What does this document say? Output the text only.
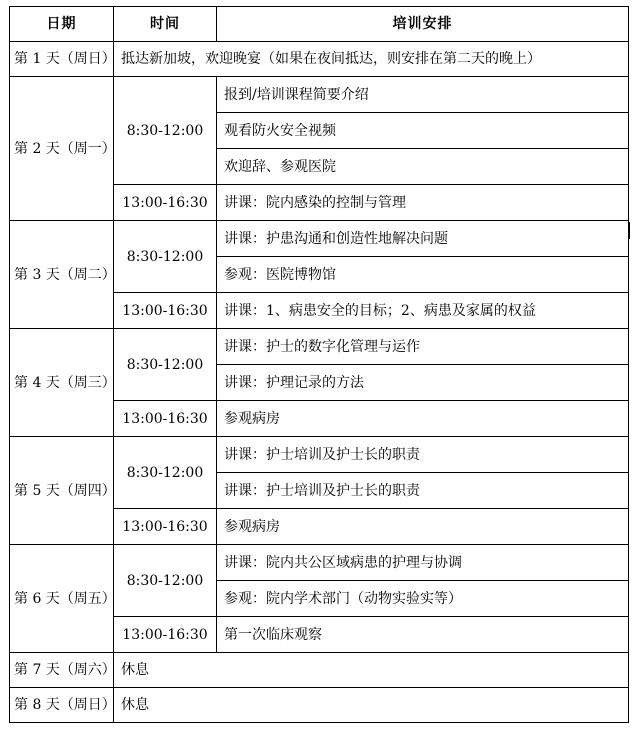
日期	时间	培训安排
第 1 天（周日）	抵达新加坡，欢迎晚宴（如果在夜间抵达，则安排在第二天的晚上）	
第 2 天（周一）	8:30-12:00	报到/培训课程简要介绍
		观看防火安全视频
		欢迎辞、参观医院
	13:00-16:30	讲课：院内感染的控制与管理
第 3 天（周二）	8:30-12:00	讲课：护患沟通和创造性地解决问题
		参观：医院博物馆
	13:00-16:30	讲课：1、病患安全的目标；2、病患及家属的权益
第 4 天（周三）	8:30-12:00	讲课：护士的数字化管理与运作
		讲课：护理记录的方法
	13:00-16:30	参观病房
第 5 天（周四）	8:30-12:00	讲课：护士培训及护士长的职责
		讲课：护士培训及护士长的职责
	13:00-16:30	参观病房
第 6 天（周五）	8:30-12:00	讲课：院内共公区域病患的护理与协调
		参观：院内学术部门（动物实验实等）
	13:00-16:30	第一次临床观察
第 7 天（周六）	休息	
第 8 天（周日）	休息	
